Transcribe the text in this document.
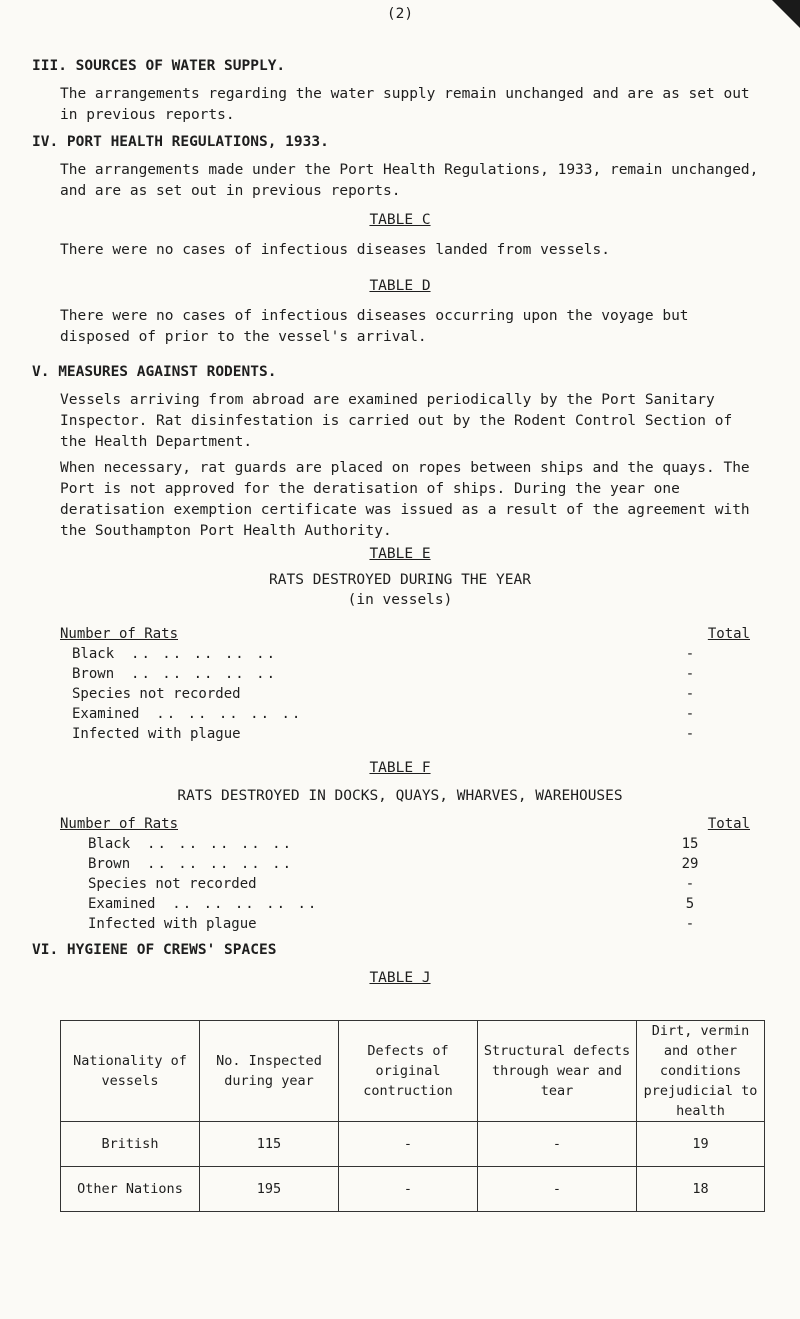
(2)
III. SOURCES OF WATER SUPPLY.
The arrangements regarding the water supply remain unchanged and are as set out in previous reports.
IV. PORT HEALTH REGULATIONS, 1933.
The arrangements made under the Port Health Regulations, 1933, remain unchanged, and are as set out in previous reports.
TABLE C
There were no cases of infectious diseases landed from vessels.
TABLE D
There were no cases of infectious diseases occurring upon the voyage but disposed of prior to the vessel's arrival.
V. MEASURES AGAINST RODENTS.
Vessels arriving from abroad are examined periodically by the Port Sanitary Inspector. Rat disinfestation is carried out by the Rodent Control Section of the Health Department.
When necessary, rat guards are placed on ropes between ships and the quays. The Port is not approved for the deratisation of ships. During the year one deratisation exemption certificate was issued as a result of the agreement with the Southampton Port Health Authority.
TABLE E
RATS DESTROYED DURING THE YEAR
(in vessels)
Number of Rats		Total
Black .. .. .. .. ..		-
Brown .. .. .. .. ..		-
Species not recorded		-
Examined .. .. .. .. ..		-
Infected with plague		-
TABLE F
RATS DESTROYED IN DOCKS, QUAYS, WHARVES, WAREHOUSES
Number of Rats		Total
Black .. .. .. .. ..		15
Brown .. .. .. .. ..		29
Species not recorded		-
Examined .. .. .. .. ..		5
Infected with plague		-
VI. HYGIENE OF CREWS' SPACES
TABLE J
Nationality of vessels	No. Inspected during year	Defects of original contruction	Structural defects through wear and tear	Dirt, vermin and other conditions prejudicial to health
British	115	-	-	19
Other Nations	195	-	-	18
